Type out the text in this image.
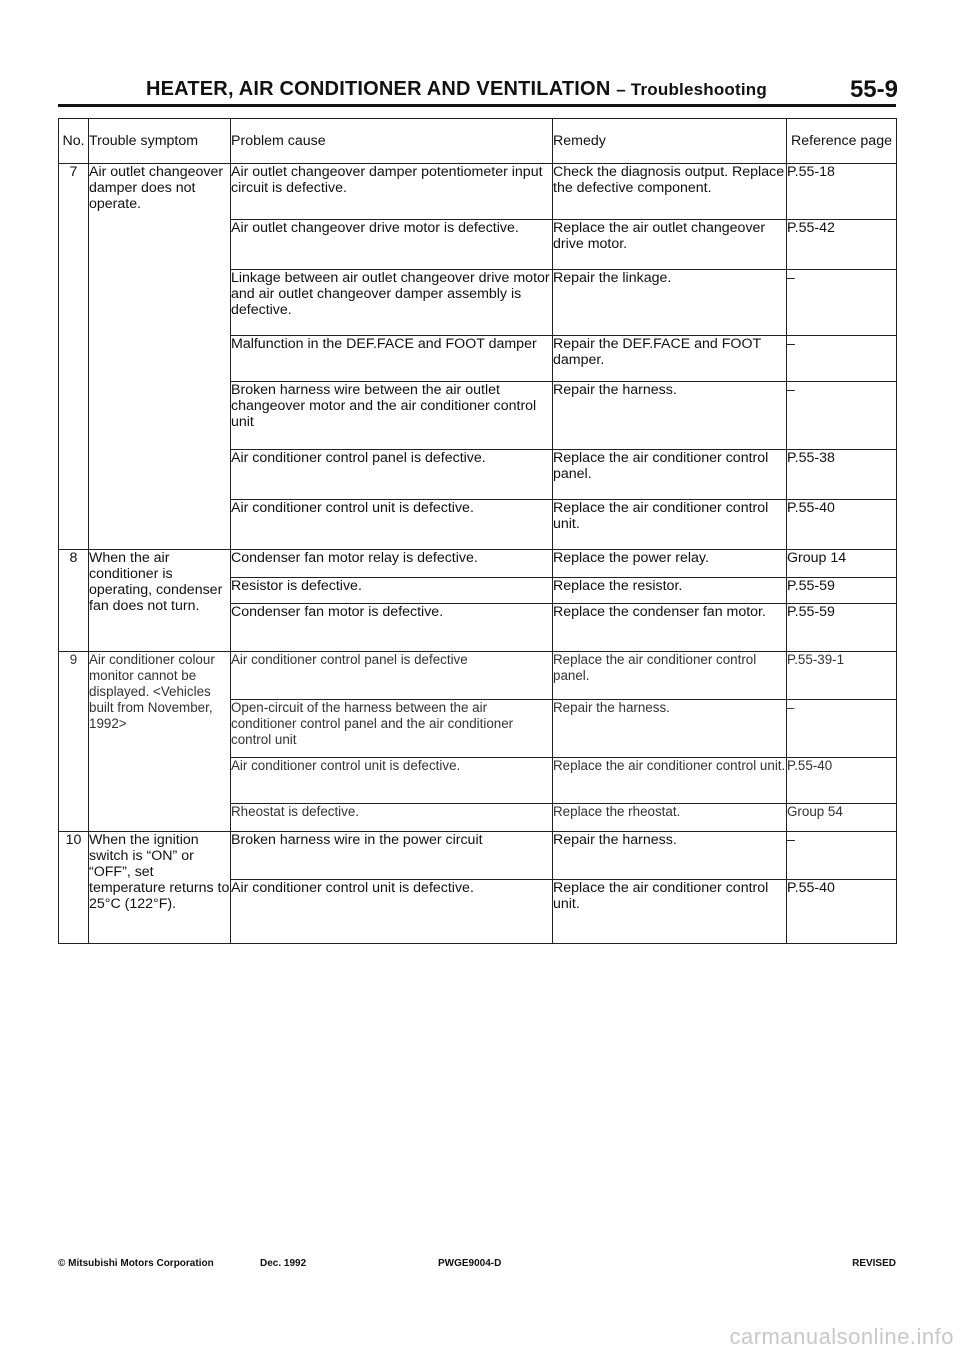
HEATER, AIR CONDITIONER AND VENTILATION – Troubleshooting	55-9
No.	Trouble symptom	Problem cause	Remedy	Reference page
7	Air outlet changeover damper does not operate.	Air outlet changeover damper potentiometer input circuit is defective.	Check the diagnosis output. Replace the defective component.	P.55-18
		Air outlet changeover drive motor is defective.	Replace the air outlet changeover drive motor.	P.55-42
		Linkage between air outlet changeover drive motor and air outlet changeover damper assembly is defective.	Repair the linkage.	–
		Malfunction in the DEF.FACE and FOOT damper	Repair the DEF.FACE and FOOT damper.	–
		Broken harness wire between the air outlet changeover motor and the air conditioner control unit	Repair the harness.	–
		Air conditioner control panel is defective.	Replace the air conditioner control panel.	P.55-38
		Air conditioner control unit is defective.	Replace the air conditioner control unit.	P.55-40
8	When the air conditioner is operating, condenser fan does not turn.	Condenser fan motor relay is defective.	Replace the power relay.	Group 14
		Resistor is defective.	Replace the resistor.	P.55-59
		Condenser fan motor is defective.	Replace the condenser fan motor.	P.55-59
9	Air conditioner colour monitor cannot be displayed. <Vehicles built from November, 1992>	Air conditioner control panel is defective	Replace the air conditioner control panel.	P.55-39-1
		Open-circuit of the harness between the air conditioner control panel and the air conditioner control unit	Repair the harness.	–
		Air conditioner control unit is defective.	Replace the air conditioner control unit.	P.55-40
		Rheostat is defective.	Replace the rheostat.	Group 54
10	When the ignition switch is “ON” or “OFF”, set temperature returns to 25°C (122°F).	Broken harness wire in the power circuit	Repair the harness.	–
		Air conditioner control unit is defective.	Replace the air conditioner control unit.	P.55-40
© Mitsubishi Motors Corporation	Dec. 1992	PWGE9004-D	REVISED
carmanualsonline.info
